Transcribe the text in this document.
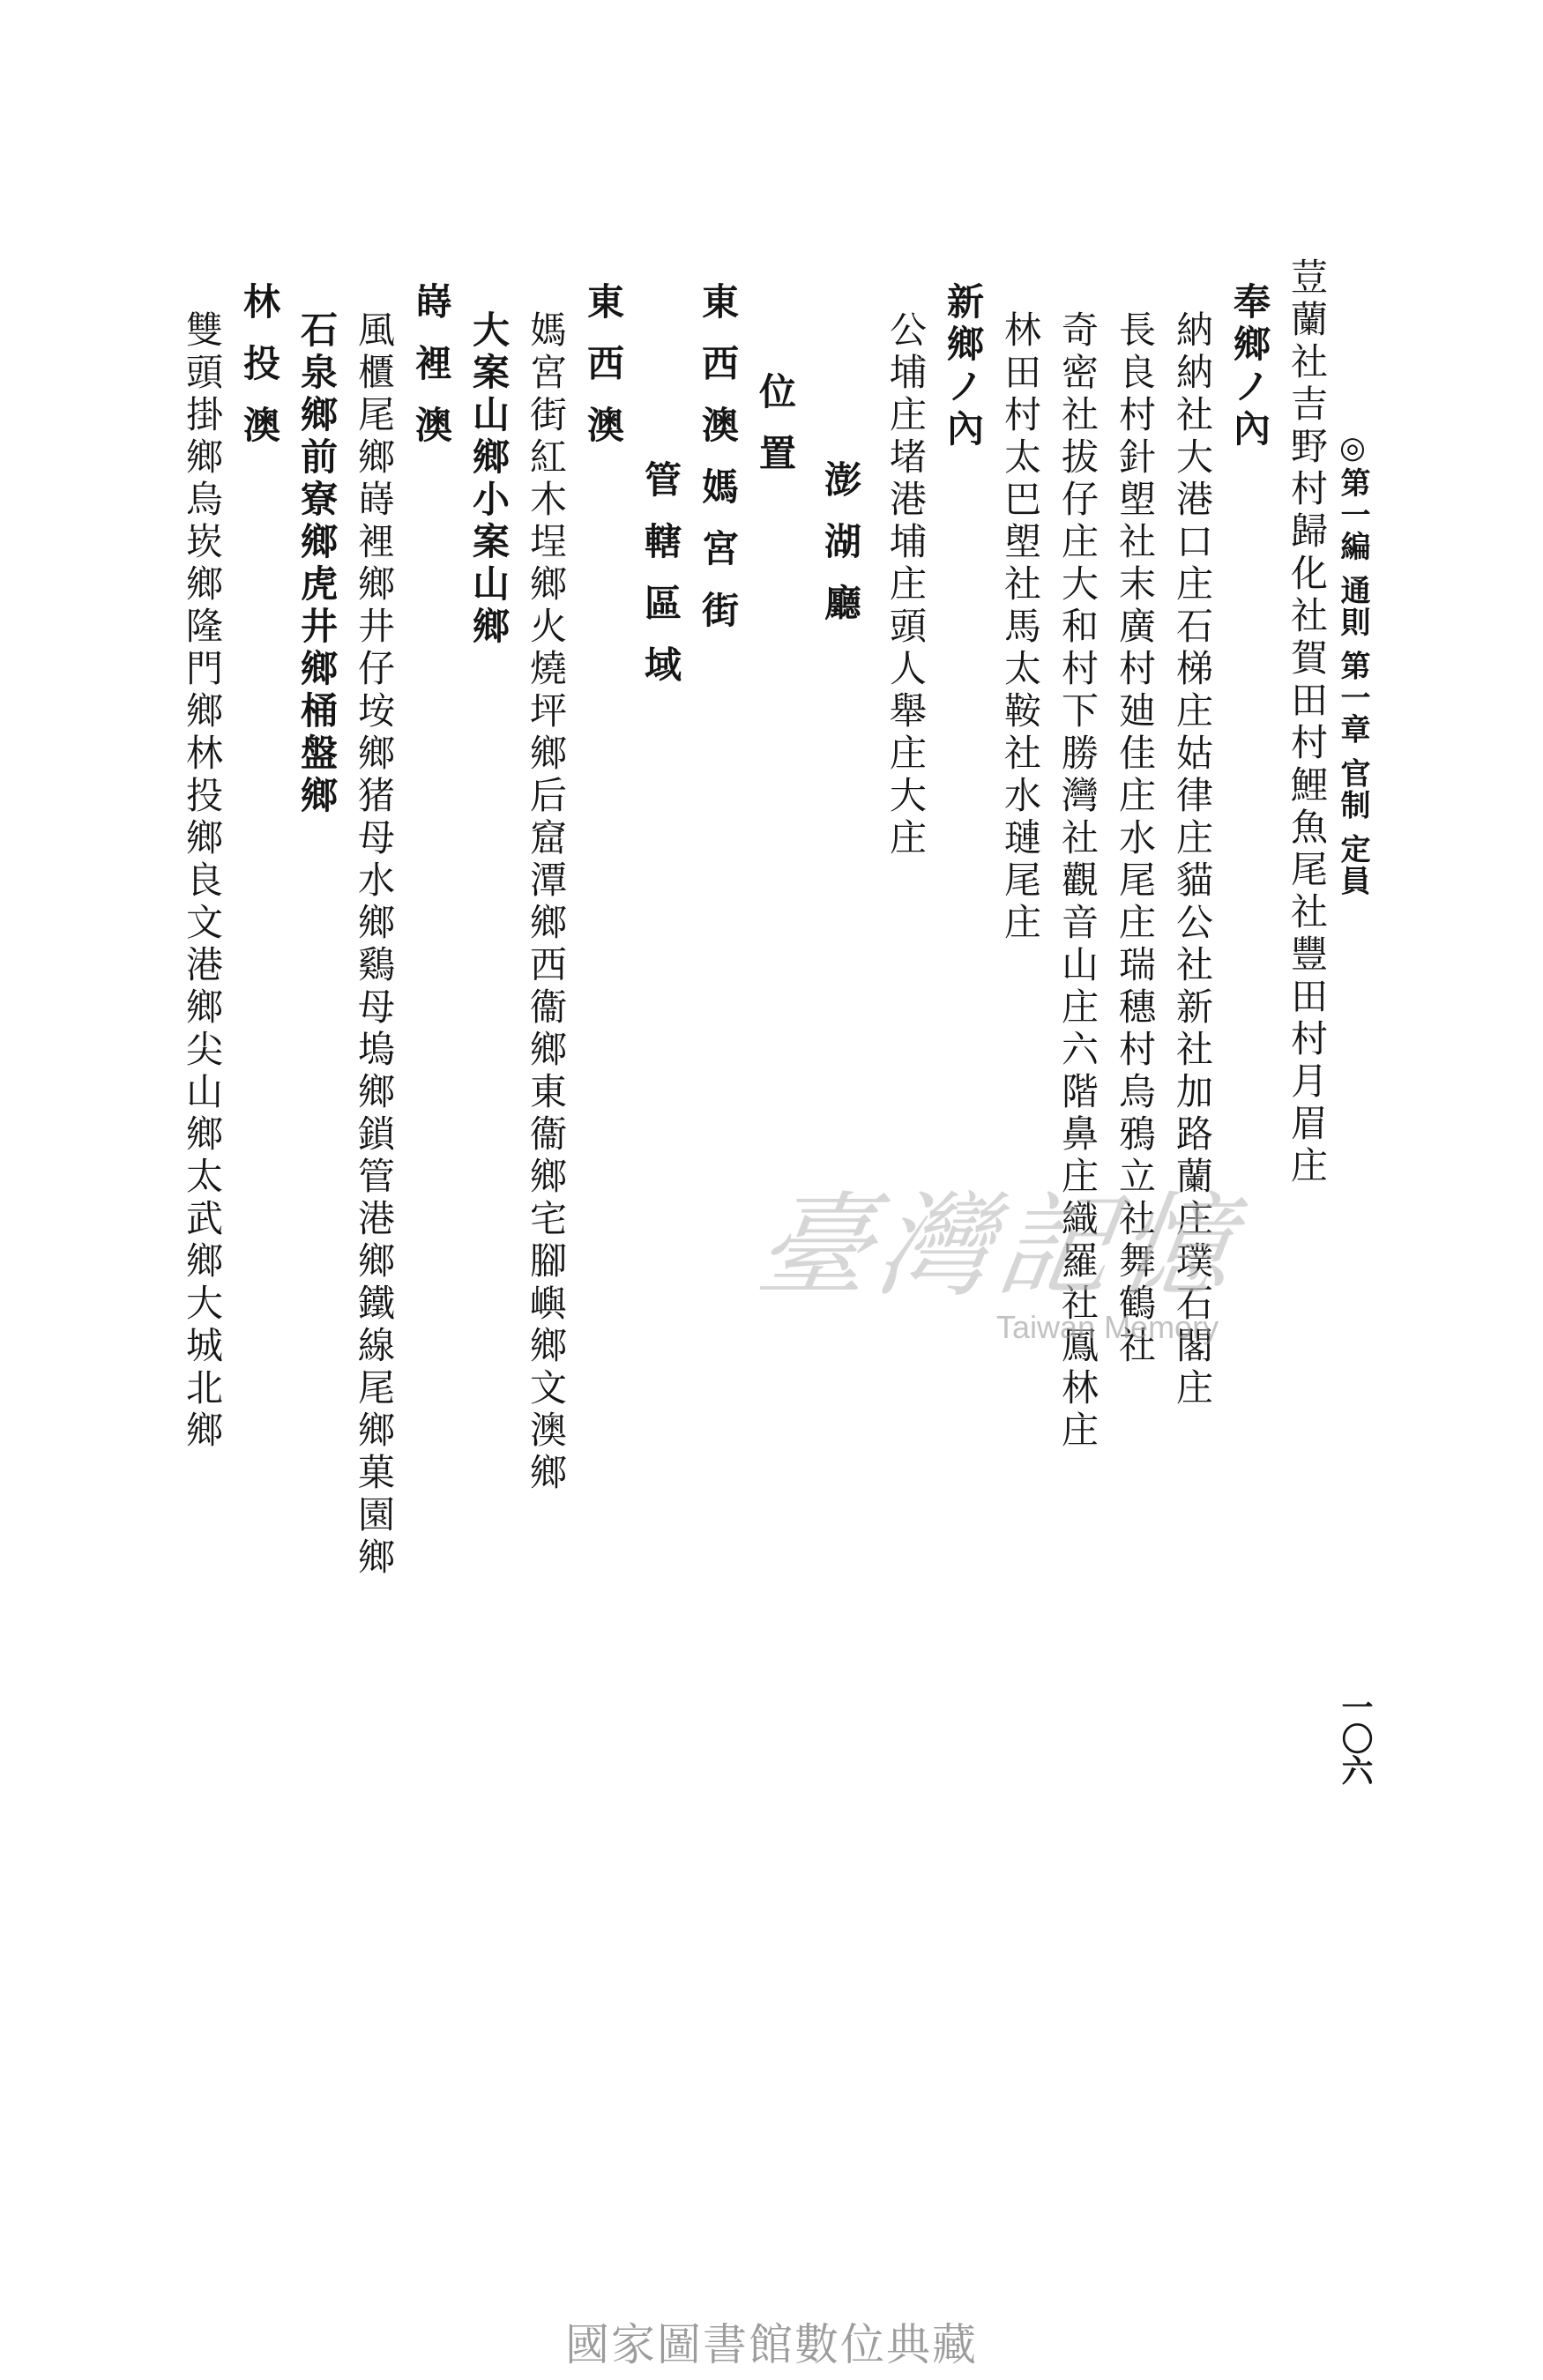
◎第一編 通則 第一章 官制 定員
一〇六
荳蘭社吉野村歸化社賀田村鯉魚尾社豐田村月眉庄
奉鄉ノ內
納納社大港口庄石梯庄姑律庄貓公社新社加路蘭庄璞石閣庄
長良村針塱社末廣村廸佳庄水尾庄瑞穗村烏鴉立社舞鶴社
奇密社拔仔庄大和村下勝灣社觀音山庄六階鼻庄織羅社鳳林庄
林田村太巴塱社馬太鞍社水璉尾庄
新鄉ノ內
公埔庄堵港埔庄頭人舉庄大庄
澎湖廳
位置
東西澳媽宮街
管轄區域
東西澳
媽宮街紅木埕鄉火燒坪鄉后窟潭鄉西衞鄉東衞鄉宅腳嶼鄉文澳鄉
大案山鄉小案山鄉
嵵裡澳
風櫃尾鄉嵵裡鄉井仔垵鄉猪母水鄉鷄母塢鄉鎖管港鄉鐵線尾鄉菓園鄉
石泉鄉前寮鄉虎井鄉桶盤鄉
林投澳
雙頭掛鄉烏崁鄉隆門鄉林投鄉良文港鄉尖山鄉太武鄉大城北鄉	臺灣記憶
Taiwan Memory
國家圖書館數位典藏
